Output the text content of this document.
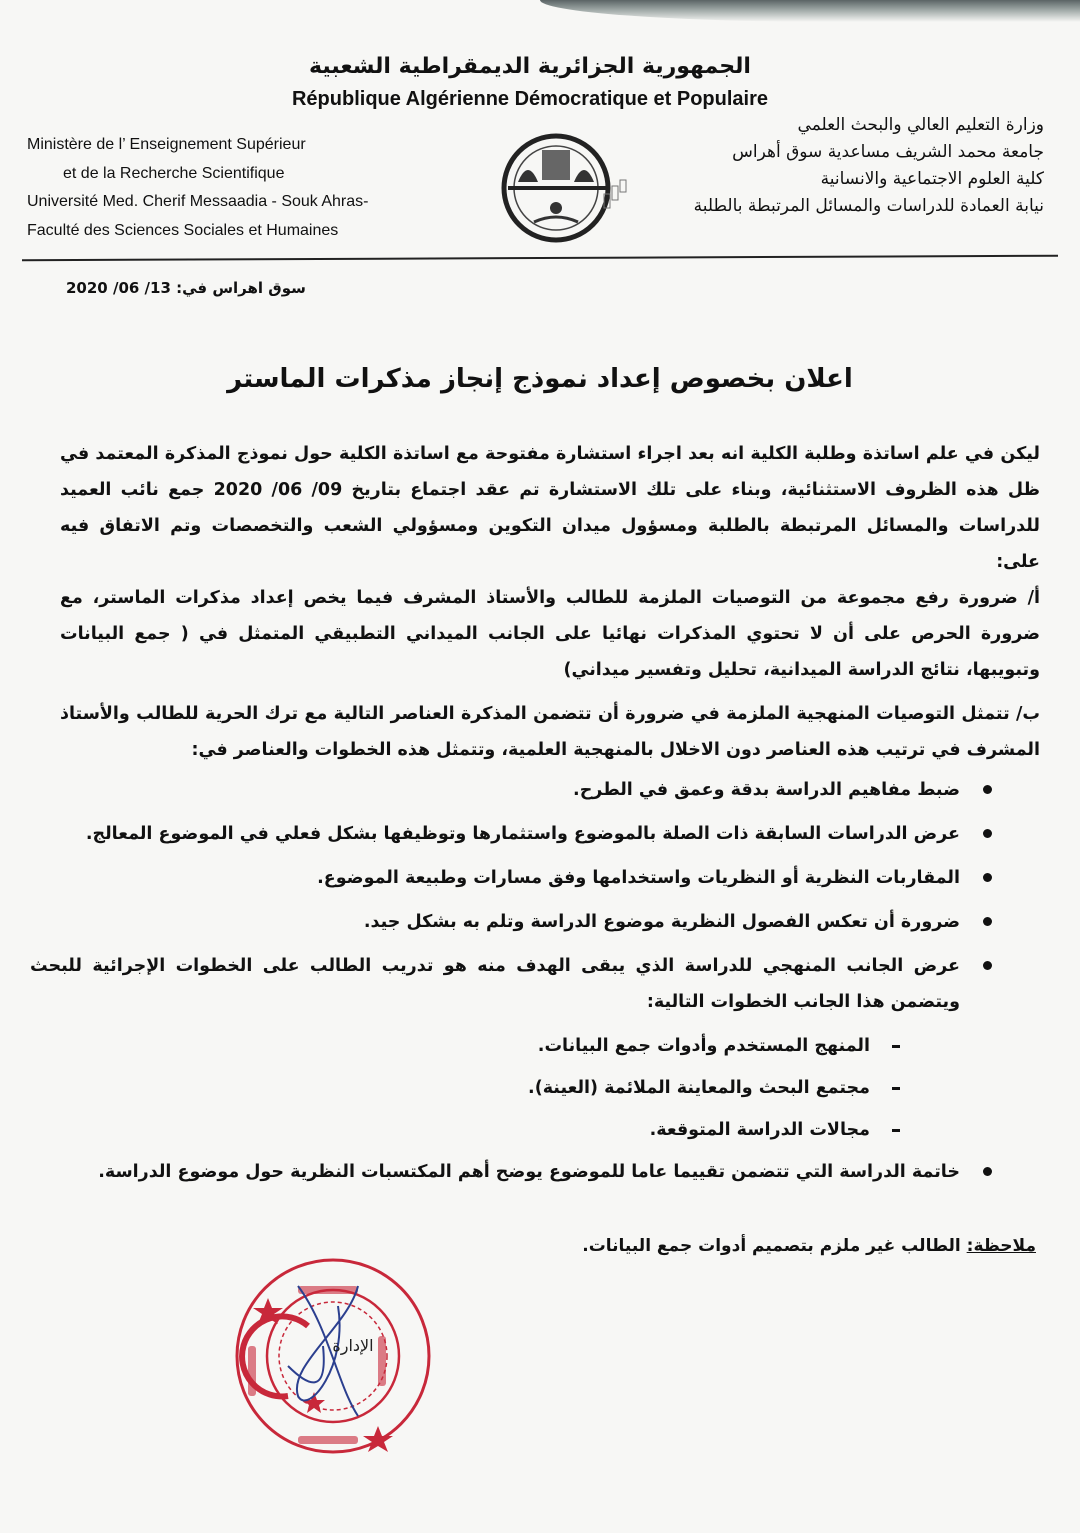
الجمهورية الجزائرية الديمقراطية الشعبية
République Algérienne Démocratique et Populaire
Ministère de l’ Enseignement Supérieur
et de la Recherche Scientifique
Université Med. Cherif Messaadia - Souk Ahras-
Faculté des Sciences Sociales et Humaines
وزارة التعليم العالي والبحث العلمي
جامعة محمد الشريف مساعدية سوق أهراس
كلية العلوم الاجتماعية والانسانية
نيابة العمادة للدراسات والمسائل المرتبطة بالطلبة
سوق اهراس في: 13/ 06/ 2020
اعلان بخصوص إعداد نموذج إنجاز مذكرات الماستر

ليكن في علم اساتذة وطلبة الكلية انه بعد اجراء استشارة مفتوحة مع اساتذة الكلية حول نموذج المذكرة المعتمد في ظل هذه الظروف الاستثنائية، وبناء على تلك الاستشارة تم عقد اجتماع بتاريخ 09/ 06/ 2020 جمع نائب العميد للدراسات والمسائل المرتبطة بالطلبة ومسؤول ميدان التكوين ومسؤولي الشعب والتخصصات وتم الاتفاق فيه على:

أ/ ضرورة رفع مجموعة من التوصيات الملزمة للطالب والأستاذ المشرف فيما يخص إعداد مذكرات الماستر، مع ضرورة الحرص على أن لا تحتوي المذكرات نهائيا على الجانب الميداني التطبيقي المتمثل في ( جمع البيانات وتبويبها، نتائج الدراسة الميدانية، تحليل وتفسير ميداني)

ب/ تتمثل التوصيات المنهجية الملزمة في ضرورة أن تتضمن المذكرة العناصر التالية مع ترك الحرية للطالب والأستاذ المشرف في ترتيب هذه العناصر دون الاخلال بالمنهجية العلمية، وتتمثل هذه الخطوات والعناصر في:

ضبط مفاهيم الدراسة بدقة وعمق في الطرح.
عرض الدراسات السابقة ذات الصلة بالموضوع واستثمارها وتوظيفها بشكل فعلي في الموضوع المعالج.
المقاربات النظرية أو النظريات واستخدامها وفق مسارات وطبيعة الموضوع.
ضرورة أن تعكس الفصول النظرية موضوع الدراسة وتلم به بشكل جيد.
عرض الجانب المنهجي للدراسة الذي يبقى الهدف منه هو تدريب الطالب على الخطوات الإجرائية للبحث ويتضمن هذا الجانب الخطوات التالية:
المنهج المستخدم وأدوات جمع البيانات.
مجتمع البحث والمعاينة الملائمة (العينة).
مجالات الدراسة المتوقعة.
خاتمة الدراسة التي تتضمن تقييما عاما للموضوع يوضح أهم المكتسبات النظرية حول موضوع الدراسة.
ملاحظة: الطالب غير ملزم بتصميم أدوات جمع البيانات.
الإدارة
